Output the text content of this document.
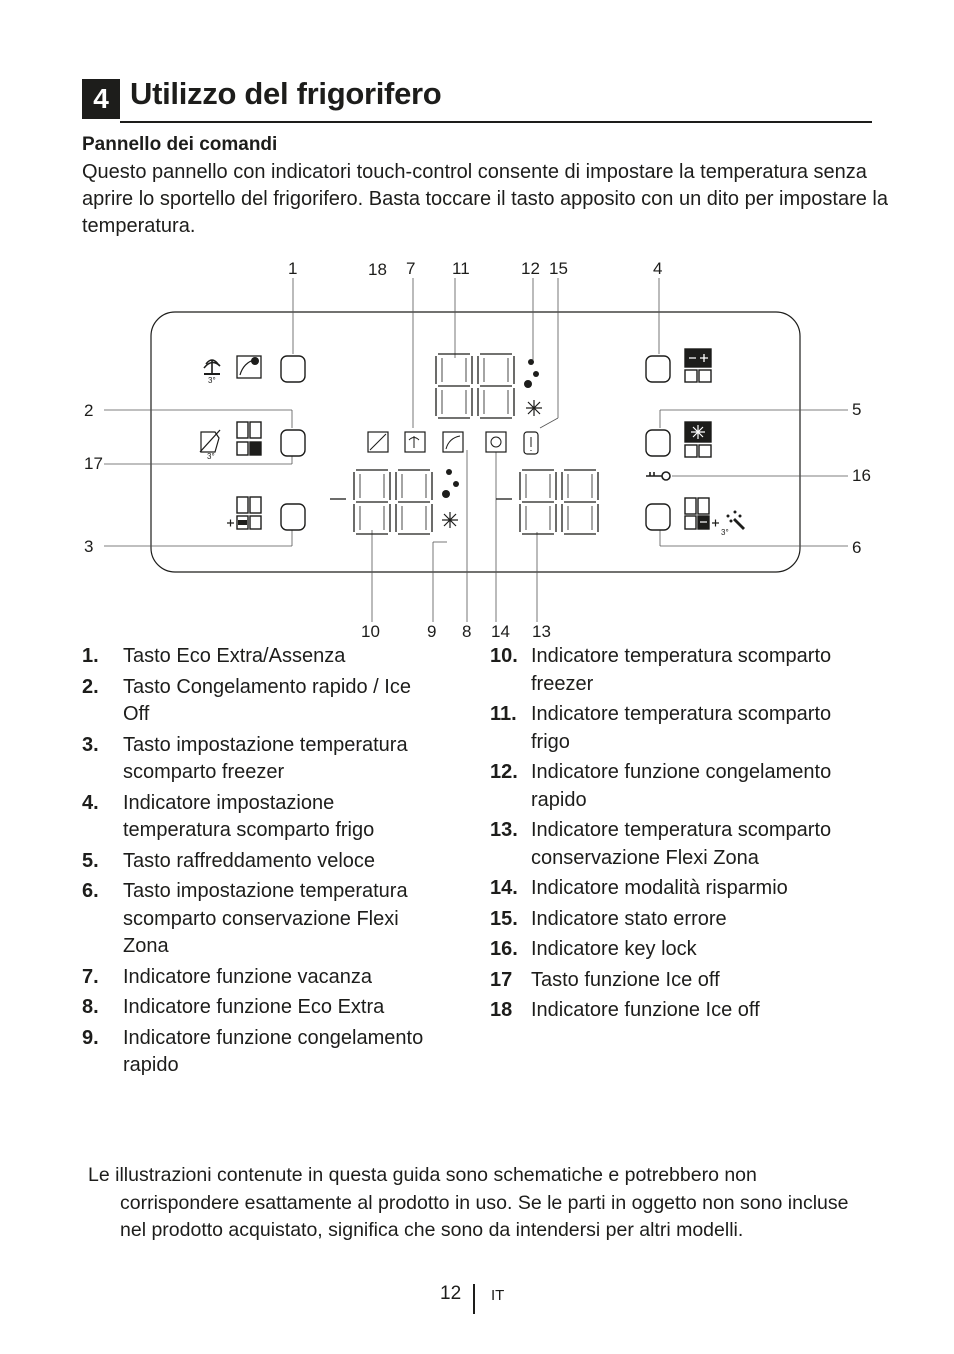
4 Utilizzo del frigorifero
Pannello dei comandi
Questo pannello con indicatori touch-control consente di impostare la temperatura senza aprire lo sportello del frigorifero. Basta toccare il tasto apposito con un dito per impostare la temperatura.
1	18 7 11	12 15	4
2
17
3
5
16
6
10	9 8 14 13
3°
3°
3°
1. Tasto Eco Extra/Assenza
2. Tasto Congelamento rapido / Ice Off
3. Tasto impostazione temperatura scomparto freezer
4. Indicatore impostazione temperatura scomparto frigo
5. Tasto raffreddamento veloce
6. Tasto impostazione temperatura scomparto conservazione Flexi Zona
7. Indicatore funzione vacanza
8. Indicatore funzione Eco Extra
9. Indicatore funzione congelamento rapido
10. Indicatore temperatura scomparto freezer
11. Indicatore temperatura scomparto frigo
12. Indicatore funzione congelamento rapido
13. Indicatore temperatura scomparto conservazione Flexi Zona
14. Indicatore modalità risparmio
15. Indicatore stato errore
16. Indicatore key lock
17 Tasto funzione Ice off
18 Indicatore funzione Ice off
Le illustrazioni contenute in questa guida sono schematiche e potrebbero non corrispondere esattamente al prodotto in uso. Se le parti in oggetto non sono incluse nel prodotto acquistato, significa che sono da intendersi per altri modelli.
12 IT
